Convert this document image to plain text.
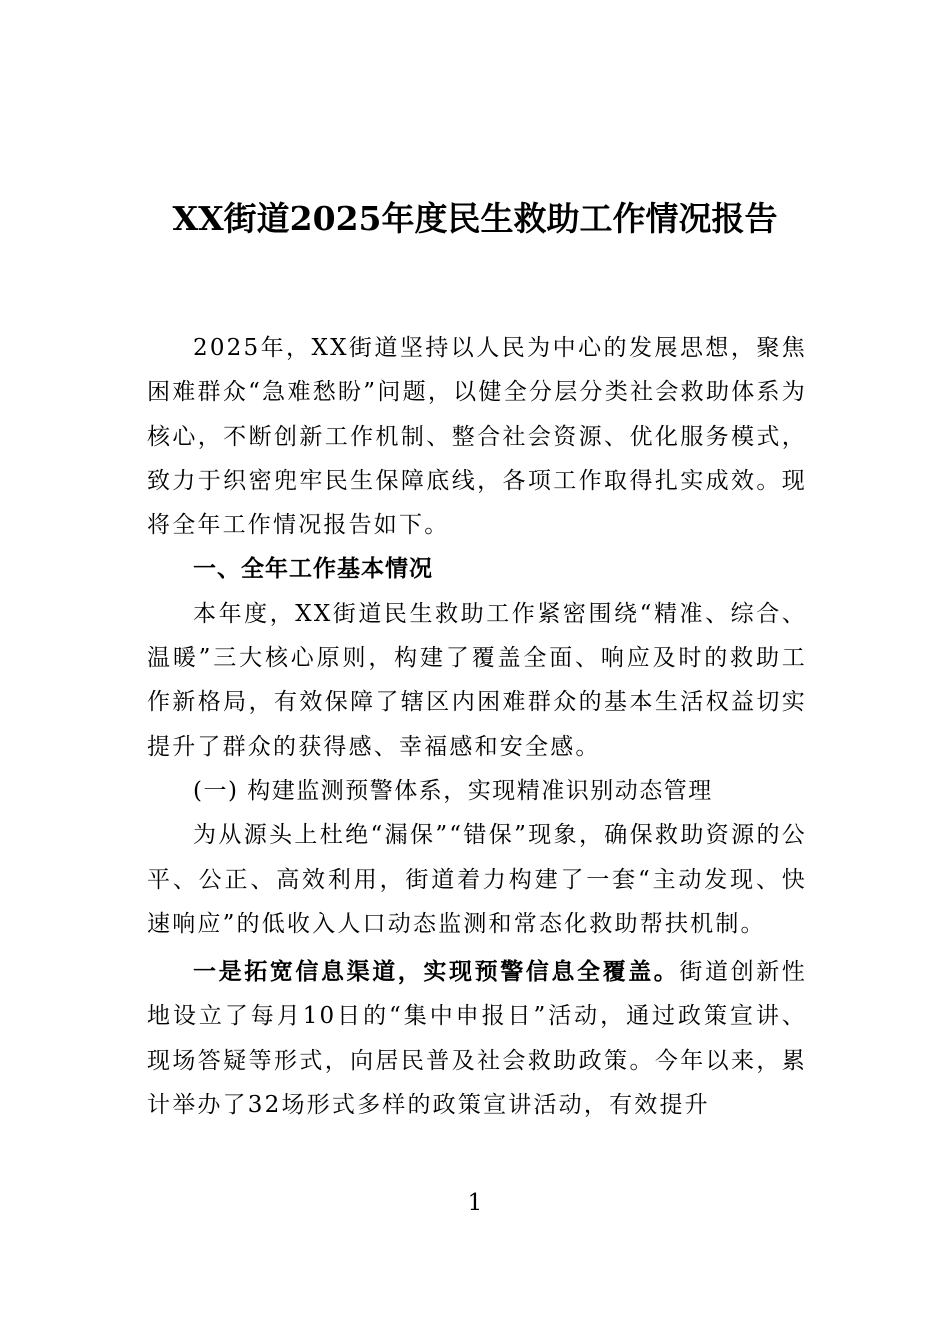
XX街道2025年度民生救助工作情况报告

2025年，XX街道坚持以人民为中心的发展思想，聚焦困难群众“急难愁盼”问题，以健全分层分类社会救助体系为核心，不断创新工作机制、整合社会资源、优化服务模式，致力于织密兜牢民生保障底线，各项工作取得扎实成效。现将全年工作情况报告如下。

一、全年工作基本情况

本年度，XX街道民生救助工作紧密围绕“精准、综合、温暖”三大核心原则，构建了覆盖全面、响应及时的救助工作新格局，有效保障了辖区内困难群众的基本生活权益切实提升了群众的获得感、幸福感和安全感。

(一) 构建监测预警体系，实现精准识别动态管理

为从源头上杜绝“漏保”“错保”现象，确保救助资源的公平、公正、高效利用，街道着力构建了一套“主动发现、快速响应”的低收入人口动态监测和常态化救助帮扶机制。

一是拓宽信息渠道，实现预警信息全覆盖。街道创新性地设立了每月10日的“集中申报日”活动，通过政策宣讲、现场答疑等形式，向居民普及社会救助政策。今年以来，累计举办了32场形式多样的政策宣讲活动，有效提升

1
